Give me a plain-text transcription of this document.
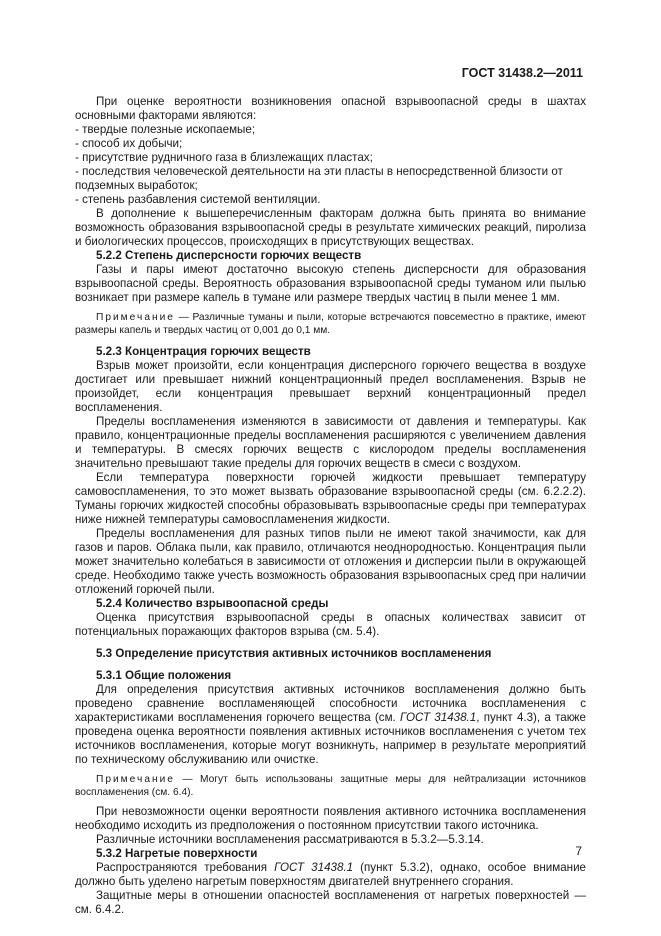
ГОСТ 31438.2—2011

При оценке вероятности возникновения опасной взрывоопасной среды в шахтах основными факторами являются:

- твердые полезные ископаемые;

- способ их добычи;

- присутствие рудничного газа в близлежащих пластах;

- последствия человеческой деятельности на эти пласты в непосредственной близости от подземных выработок;

- степень разбавления системой вентиляции.

В дополнение к вышеперечисленным факторам должна быть принята во внимание возможность образования взрывоопасной среды в результате химических реакций, пиролиза и биологических процессов, происходящих в присутствующих веществах.

5.2.2 Степень дисперсности горючих веществ

Газы и пары имеют достаточно высокую степень дисперсности для образования взрывоопасной среды. Вероятность образования взрывоопасной среды туманом или пылью возникает при размере капель в тумане или размере твердых частиц в пыли менее 1 мм.

Примечание — Различные туманы и пыли, которые встречаются повсеместно в практике, имеют размеры капель и твердых частиц от 0,001 до 0,1 мм.

5.2.3 Концентрация горючих веществ

Взрыв может произойти, если концентрация дисперсного горючего вещества в воздухе достигает или превышает нижний концентрационный предел воспламенения. Взрыв не произойдет, если концентрация превышает верхний концентрационный предел воспламенения.

Пределы воспламенения изменяются в зависимости от давления и температуры. Как правило, концентрационные пределы воспламенения расширяются с увеличением давления и температуры. В смесях горючих веществ с кислородом пределы воспламенения значительно превышают такие пределы для горючих веществ в смеси с воздухом.

Если температура поверхности горючей жидкости превышает температуру самовоспламенения, то это может вызвать образование взрывоопасной среды (см. 6.2.2.2). Туманы горючих жидкостей способны образовывать взрывоопасные среды при температурах ниже нижней температуры самовоспламенения жидкости.

Пределы воспламенения для разных типов пыли не имеют такой значимости, как для газов и паров. Облака пыли, как правило, отличаются неоднородностью. Концентрация пыли может значительно колебаться в зависимости от отложения и дисперсии пыли в окружающей среде. Необходимо также учесть возможность образования взрывоопасных сред при наличии отложений горючей пыли.

5.2.4 Количество взрывоопасной среды

Оценка присутствия взрывоопасной среды в опасных количествах зависит от потенциальных поражающих факторов взрыва (см. 5.4).

5.3 Определение присутствия активных источников воспламенения

5.3.1 Общие положения

Для определения присутствия активных источников воспламенения должно быть проведено сравнение воспламеняющей способности источника воспламенения с характеристиками воспламенения горючего вещества (см. ГОСТ 31438.1, пункт 4.3), а также проведена оценка вероятности появления активных источников воспламенения с учетом тех источников воспламенения, которые могут возникнуть, например в результате мероприятий по техническому обслуживанию или очистке.

Примечание — Могут быть использованы защитные меры для нейтрализации источников воспламенения (см. 6.4).

При невозможности оценки вероятности появления активного источника воспламенения необходимо исходить из предположения о постоянном присутствии такого источника.

Различные источники воспламенения рассматриваются в 5.3.2—5.3.14.

5.3.2 Нагретые поверхности

Распространяются требования ГОСТ 31438.1 (пункт 5.3.2), однако, особое внимание должно быть уделено нагретым поверхностям двигателей внутреннего сгорания.

Защитные меры в отношении опасностей воспламенения от нагретых поверхностей — см. 6.4.2.

7
